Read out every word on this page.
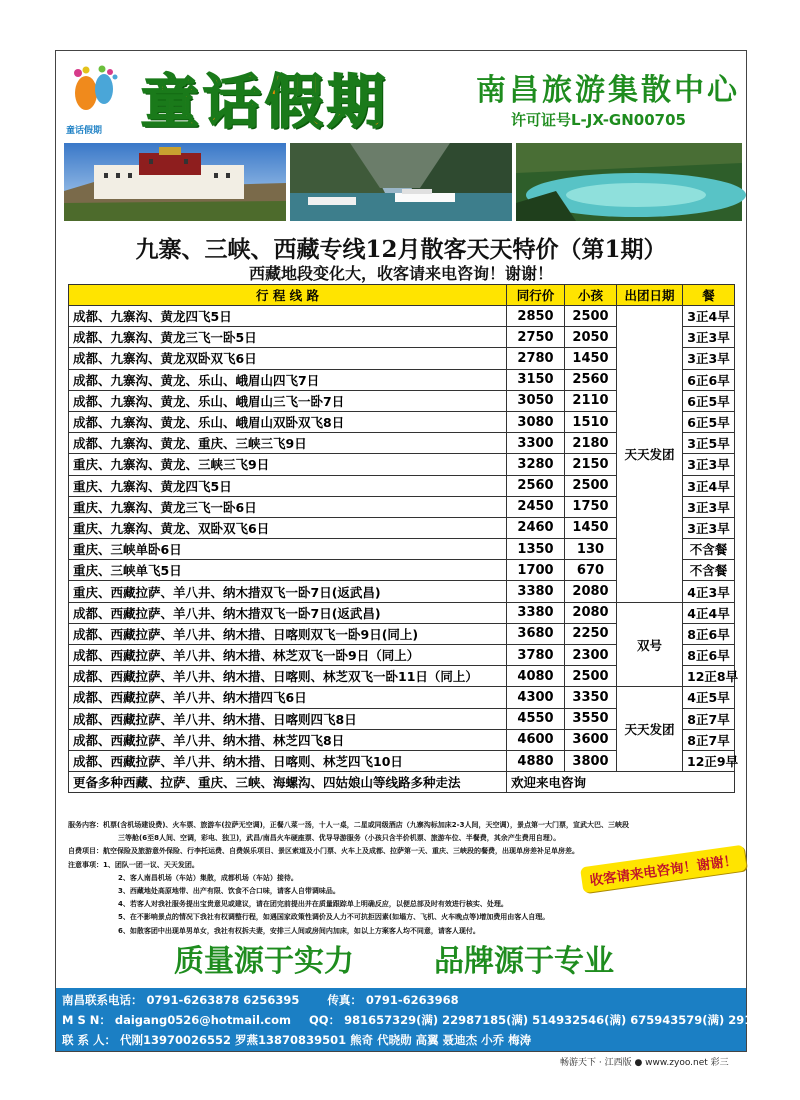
童话假期 童话假期	南昌旅游集散中心
许可证号L-JX-GN00705
九寨、三峡、西藏专线12月散客天天特价（第1期）
西藏地段变化大，收客请来电咨询！谢谢！
行 程 线 路	同行价	小孩	出团日期	餐
成都、九寨沟、黄龙四飞5日	2850	2500	天天发团	3正4早
成都、九寨沟、黄龙三飞一卧5日	2750	2050		3正3早
成都、九寨沟、黄龙双卧双飞6日	2780	1450		3正3早
成都、九寨沟、黄龙、乐山、峨眉山四飞7日	3150	2560		6正6早
成都、九寨沟、黄龙、乐山、峨眉山三飞一卧7日	3050	2110		6正5早
成都、九寨沟、黄龙、乐山、峨眉山双卧双飞8日	3080	1510		6正5早
成都、九寨沟、黄龙、重庆、三峡三飞9日	3300	2180		3正5早
重庆、九寨沟、黄龙、三峡三飞9日	3280	2150		3正3早
重庆、九寨沟、黄龙四飞5日	2560	2500		3正4早
重庆、九寨沟、黄龙三飞一卧6日	2450	1750		3正3早
重庆、九寨沟、黄龙、双卧双飞6日	2460	1450		3正3早
重庆、三峡单卧6日	1350	130		不含餐
重庆、三峡单飞5日	1700	670		不含餐
重庆、西藏拉萨、羊八井、纳木措双飞一卧7日(返武昌)	3380	2080		4正3早
成都、西藏拉萨、羊八井、纳木措双飞一卧7日(返武昌)	3380	2080	双号	4正4早
成都、西藏拉萨、羊八井、纳木措、日喀则双飞一卧9日(同上)	3680	2250		8正6早
成都、西藏拉萨、羊八井、纳木措、林芝双飞一卧9日（同上）	3780	2300		8正6早
成都、西藏拉萨、羊八井、纳木措、日喀则、林芝双飞一卧11日（同上）	4080	2500		12正8早
成都、西藏拉萨、羊八井、纳木措四飞6日	4300	3350	天天发团	4正5早
成都、西藏拉萨、羊八井、纳木措、日喀则四飞8日	4550	3550		8正7早
成都、西藏拉萨、羊八井、纳木措、林芝四飞8日	4600	3600		8正7早
成都、西藏拉萨、羊八井、纳木措、日喀则、林芝四飞10日	4880	3800		12正9早
更备多种西藏、拉萨、重庆、三峡、海螺沟、四姑娘山等线路多种走法	欢迎来电咨询			
服务内容：机票(含机场建设费)、火车票、旅游车(拉萨无空调)，正餐八菜一汤，十人一桌，二星或同级酒店（九寨沟标加床2-3人间，天空调），景点第一大门票，宣武大巴、三峡段
三等舱(6至8人间、空调，彩电、独卫)，武昌/南昌火车硬座票、优导导游服务（小孩只含半价机票、旅游车位、半餐费，其余产生费用自理）。
自费项目：航空保险及旅游意外保险、行李托运费、自费娱乐项目、景区索道及小门票、火车上及成都、拉萨第一天、重庆、三峡段的餐费，出现单房差补足单房差。
注意事项：1、团队一团一议、天天发团。
2、客人南昌机场（车站）集散，成都机场（车站）接待。
3、西藏地处高原地带、出产有限、饮食不合口味，请客人自带调味品。
4、若客人对我社服务提出宝贵意见或建议，请在团完前提出并在质量跟踪单上明确反应，以便总部及时有效进行核实、处理。
5、在不影响景点的情况下我社有权调整行程，如遇国家政策性调价及人力不可抗拒因素(如塌方、飞机、火车晚点等)增加费用由客人自理。
6、如散客团中出现单男单女，我社有权拆夫妻，安排三人间或房间内加床，如以上方案客人均不同意，请客人现付。
收客请来电咨询！谢谢！
质量源于实力	品牌源于专业
南昌联系电话： 0791-6263878 6256395 传真： 0791-6263968
M S N： daigang0526@hotmail.com QQ： 981657329(满) 22987185(满) 514932546(满) 675943579(满) 291935719
联 系 人： 代刚13970026552 罗燕13870839501 熊奇 代晓勋 高翼 聂迪杰 小乔 梅涛
畅游天下 · 江西版 ● www.zyoo.net 彩三
